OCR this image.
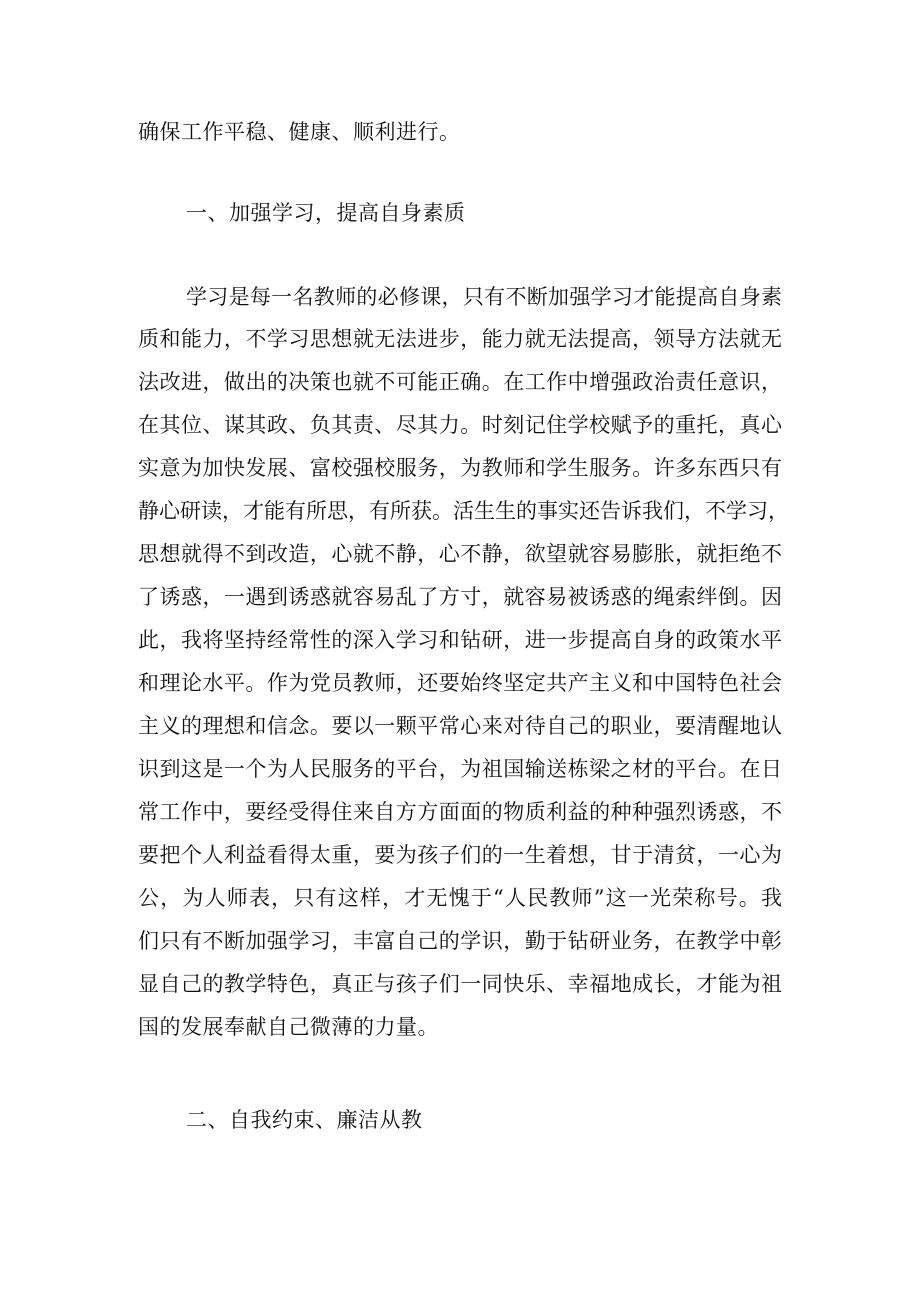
确保工作平稳、健康、顺利进行。

一、加强学习，提高自身素质

学习是每一名教师的必修课，只有不断加强学习才能提高自身素

质和能力，不学习思想就无法进步，能力就无法提高，领导方法就无

法改进，做出的决策也就不可能正确。在工作中增强政治责任意识，

在其位、谋其政、负其责、尽其力。时刻记住学校赋予的重托，真心

实意为加快发展、富校强校服务，为教师和学生服务。许多东西只有

静心研读，才能有所思，有所获。活生生的事实还告诉我们，不学习，

思想就得不到改造，心就不静，心不静，欲望就容易膨胀，就拒绝不

了诱惑，一遇到诱惑就容易乱了方寸，就容易被诱惑的绳索绊倒。因

此，我将坚持经常性的深入学习和钻研，进一步提高自身的政策水平

和理论水平。作为党员教师，还要始终坚定共产主义和中国特色社会

主义的理想和信念。要以一颗平常心来对待自己的职业，要清醒地认

识到这是一个为人民服务的平台，为祖国输送栋梁之材的平台。在日

常工作中，要经受得住来自方方面面的物质利益的种种强烈诱惑，不

要把个人利益看得太重，要为孩子们的一生着想，甘于清贫，一心为

公，为人师表，只有这样，才无愧于“人民教师”这一光荣称号。我

们只有不断加强学习，丰富自己的学识，勤于钻研业务，在教学中彰

显自己的教学特色，真正与孩子们一同快乐、幸福地成长，才能为祖

国的发展奉献自己微薄的力量。

二、自我约束、廉洁从教
